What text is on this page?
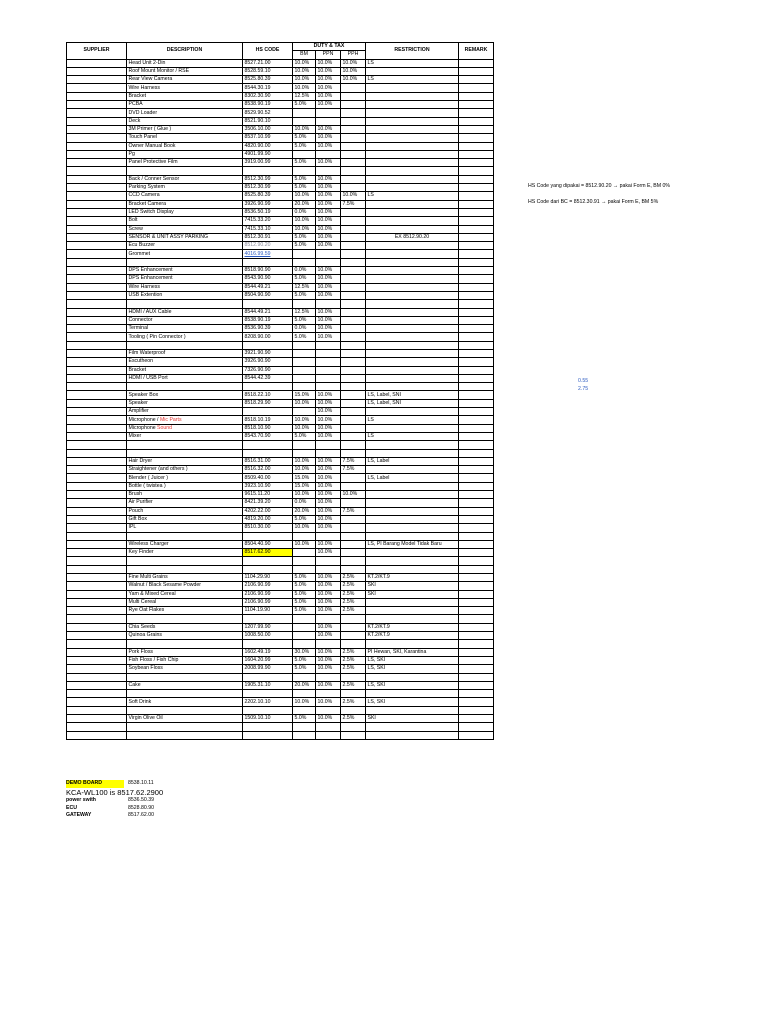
SUPPLIER	DESCRIPTION	HS CODE	DUTY & TAX			RESTRICTION	REMARK
			BM	PPN	PPH		
	Head Unit 2-Din	8527.21.00	10.0%	10.0%	10.0%	LS	
	Roof Mount Monitor / RSE	8528.59.10	10.0%	10.0%	10.0%		
	Rear View Camera	8525.80.39	10.0%	10.0%	10.0%	LS	
	Wire Harness	8544.30.19	10.0%	10.0%			
	Bracket	8302.30.90	12.5%	10.0%			
	PCBA	8538.90.19	5.0%	10.0%			
	DVD Loader	8529.90.52					
	Deck	8521.90.10					
	3M Primer ( Glue )	3506.10.00	10.0%	10.0%			
	Touch Panel	8537.10.99	5.0%	10.0%			
	Owner Manual Book	4820.90.00	5.0%	10.0%			
	Pg	4901.99.90					
	Panel Protective Film	3919.00.99	5.0%	10.0%			

	Back / Conner Sensor	8512.30.99	5.0%	10.0%			
	Parking System	8512.30.99	5.0%	10.0%			
	CCD Camera	8525.80.39	10.0%	10.0%	10.0%	LS	
	Bracket Camera	3926.90.99	20.0%	10.0%	7.5%		
	LED Switch Display	8536.50.19	0.0%	10.0%			
	Bolt	7415.33.20	10.0%	10.0%			
	Screw	7415.33.10	10.0%	10.0%			
	SENSOR & UNIT ASSY PARKING	8512.30.91	5.0%	10.0%		EX 8512.90.20	
	Ecu Buzzer	8512.90.20	5.0%	10.0%			
	Grommet	4016.99.59					

	DPS Enhancement	8518.90.90	0.0%	10.0%			
	DPS Enhancement	8543.90.90	5.0%	10.0%			
	Wire Harness	8544.49.21	12.5%	10.0%			
	USB Extention	8504.90.90	5.0%	10.0%			

	HDMI / AUX Cable	8544.49.21	12.5%	10.0%			
	Connector	8538.90.19	5.0%	10.0%			
	Terminal	8536.90.39	0.0%	10.0%			
	Tooling ( Pin Connector )	8208.90.00	5.0%	10.0%			

	Film Waterproof	3921.90.90					
	Escutheon	3926.90.90					
	Bracket	7326.90.90					
	HDMI / USB Port	8544.42.39					

	Speaker Box	8518.22.10	15.0%	10.0%		LS, Label, SNI	
	Speaker	8518.29.90	10.0%	10.0%		LS, Label, SNI	
	Amplifier			10.0%			
	Microphone / Mic Parts	8518.10.19	10.0%	10.0%		LS	
	Microphone Sound	8518.10.90	10.0%	10.0%			
	Mixer	8543.70.90	5.0%	10.0%		LS	

	Hair Dryer	8516.31.00	10.0%	10.0%	7.5%	LS, Label	
	Straightener (and others )	8516.32.00	10.0%	10.0%	7.5%		
	Blender ( Juicer )	8509.40.00	15.0%	10.0%		LS, Label	
	Bottle ( twistea )	3923.10.90	15.0%	10.0%			
	Brush	9615.11.20	10.0%	10.0%	10.0%		
	Air Purifier	8421.39.20	0.0%	10.0%			
	Pouch	4202.22.00	20.0%	10.0%	7.5%		
	Gift Box	4819.20.00	5.0%	10.0%			
	IPL	8510.30.00	10.0%	10.0%			

	Wireless Charger	8504.40.90	10.0%	10.0%		LS, PI Barang Model Tidak Baru	
	Key Finder	8517.62.90		10.0%			

	Fine Multi Grains	1104.29.90	5.0%	10.0%	2.5%	KT.2/KT.9	
	Walnut / Black Sesame Powder	2106.90.99	5.0%	10.0%	2.5%	SKI	
	Yam & Mixed Cereal	2106.90.99	5.0%	10.0%	2.5%	SKI	
	Multi Cereal	2106.90.99	5.0%	10.0%	2.5%		
	Rye Oat Flakes	1104.19.90	5.0%	10.0%	2.5%		

	Chia Seeds	1207.99.90		10.0%		KT.2/KT.9	
	Quinoa Grains	1008.50.00		10.0%		KT.2/KT.9	

	Pork Floss	1602.49.19	30.0%	10.0%	2.5%	PI Hewan, SKI, Karantina	
	Fish Floss / Fish Chip	1604.20.99	5.0%	10.0%	2.5%	LS, SKI	
	Soybean Floss	2008.99.90	5.0%	10.0%	2.5%	LS, SKI	

	Cake	1905.31.10	20.0%	10.0%	2.5%	LS, SKI	

	Soft Drink	2202.10.10	10.0%	10.0%	2.5%	LS, SKI	

	Virgin Olive Oil	1509.10.10	5.0%	10.0%	2.5%	SKI	

HS Code yang dipakai = 8512.90.20 → pakai Form E, BM 0%
HS Code dari BC = 8512.30.91 → pakai Form E, BM 5%
0.55
2.75
DEMO BOARD	8538.10.11
KCA-WL100 is 8517.62.2900
power swith	8536.50.39
ECU	8528.80.90
GATEWAY	8517.62.00
